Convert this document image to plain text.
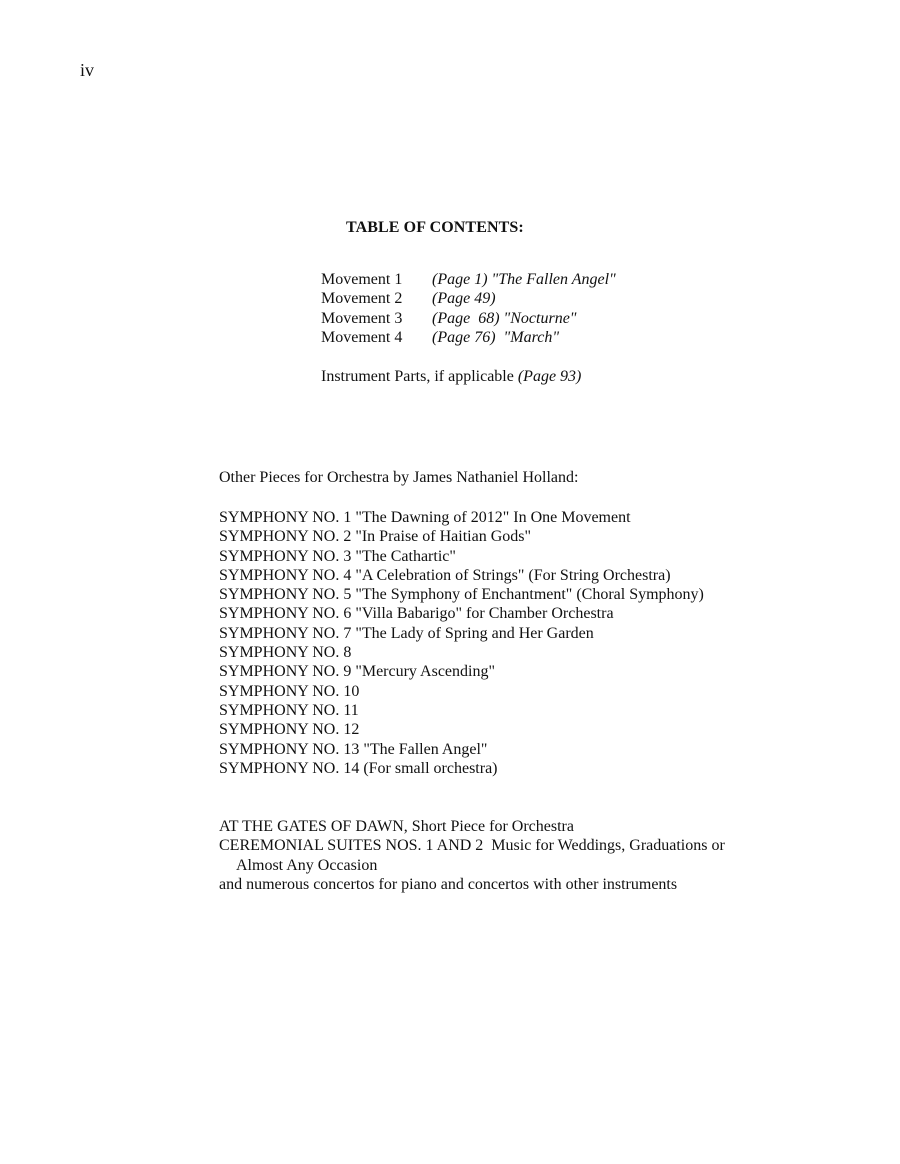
iv
TABLE OF CONTENTS:
Movement 1	(Page 1) "The Fallen Angel"
Movement 2	(Page 49)
Movement 3	(Page  68) "Nocturne"
Movement 4	(Page 76)  "March"
Instrument Parts, if applicable (Page 93)
Other Pieces for Orchestra by James Nathaniel Holland:
SYMPHONY NO. 1 "The Dawning of 2012" In One Movement
SYMPHONY NO. 2 "In Praise of Haitian Gods"
SYMPHONY NO. 3 "The Cathartic"
SYMPHONY NO. 4 "A Celebration of Strings" (For String Orchestra)
SYMPHONY NO. 5 "The Symphony of Enchantment" (Choral Symphony)
SYMPHONY NO. 6 "Villa Babarigo" for Chamber Orchestra
SYMPHONY NO. 7 "The Lady of Spring and Her Garden
SYMPHONY NO. 8
SYMPHONY NO. 9 "Mercury Ascending"
SYMPHONY NO. 10
SYMPHONY NO. 11
SYMPHONY NO. 12
SYMPHONY NO. 13 "The Fallen Angel"
SYMPHONY NO. 14 (For small orchestra)
AT THE GATES OF DAWN, Short Piece for Orchestra
CEREMONIAL SUITES NOS. 1 AND 2  Music for Weddings, Graduations or
Almost Any Occasion
and numerous concertos for piano and concertos with other instruments
